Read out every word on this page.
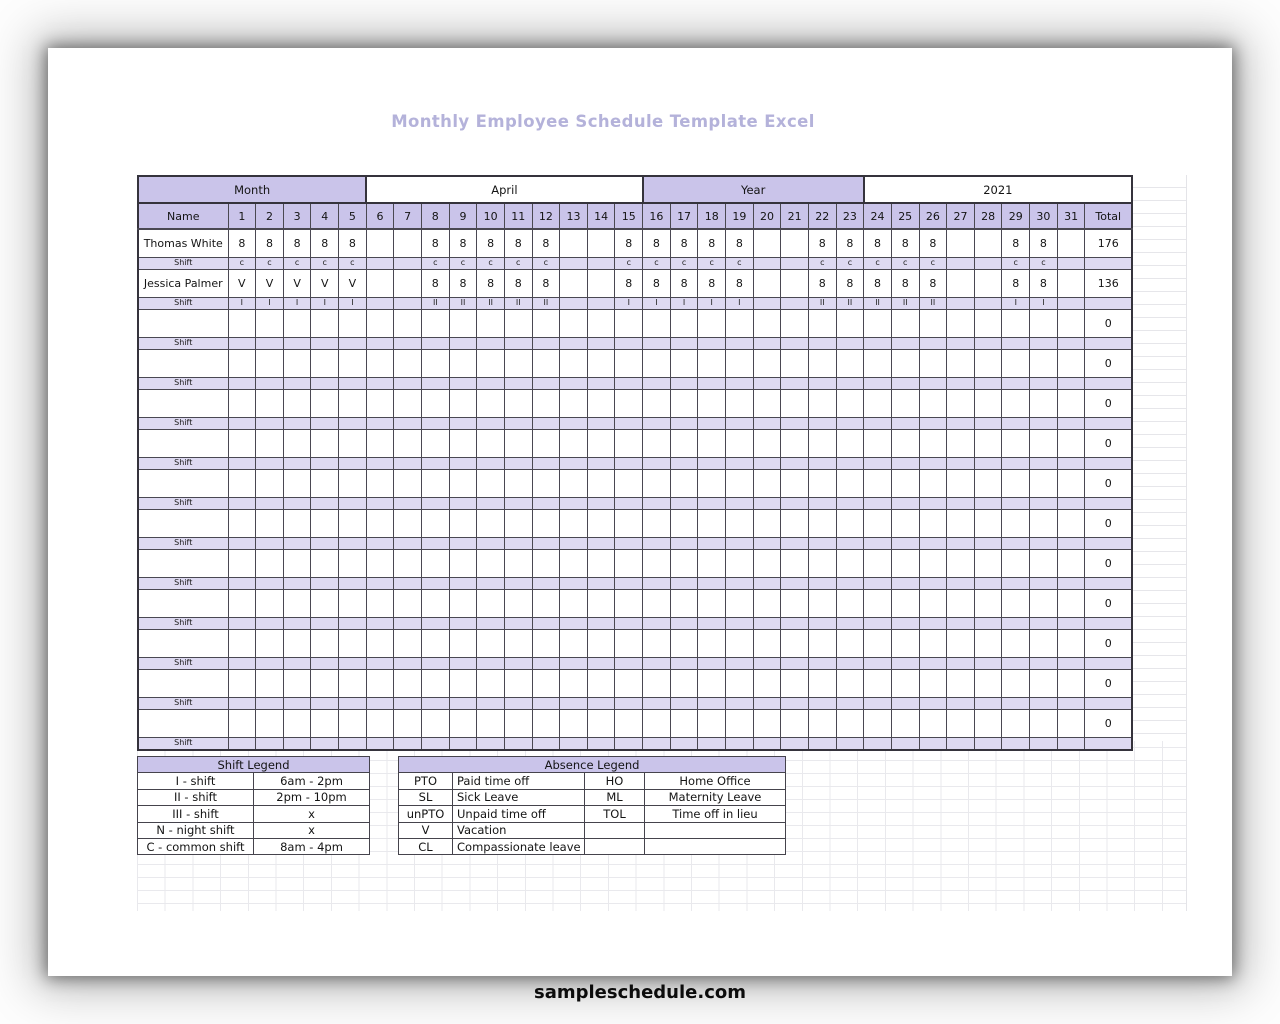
Monthly Employee Schedule Template Excel
Month						April										Year								2021								
Name	1	2	3	4	5	6	7	8	9	10	11	12	13	14	15	16	17	18	19	20	21	22	23	24	25	26	27	28	29	30	31	Total
Thomas White	8	8	8	8	8			8	8	8	8	8			8	8	8	8	8			8	8	8	8	8			8	8		176
Shift	c	c	c	c	c			c	c	c	c	c			c	c	c	c	c			c	c	c	c	c			c	c		
Jessica Palmer	V	V	V	V	V			8	8	8	8	8			8	8	8	8	8			8	8	8	8	8			8	8		136
Shift	I	I	I	I	I			II	II	II	II	II			I	I	I	I	I			II	II	II	II	II			I	I		
																																0
Shift																																
																																0
Shift																																
																																0
Shift																																
																																0
Shift																																
																																0
Shift																																
																																0
Shift																																
																																0
Shift																																
																																0
Shift																																
																																0
Shift																																
																																0
Shift																																
																																0
Shift																																
Shift Legend	
I - shift	6am - 2pm
II - shift	2pm - 10pm
III - shift	x
N - night shift	x
C - common shift	8am - 4pm
Absence Legend			
PTO	Paid time off	HO	Home Office
SL	Sick Leave	ML	Maternity Leave
unPTO	Unpaid time off	TOL	Time off in lieu
V	Vacation		
CL	Compassionate leave		
sampleschedule.com
